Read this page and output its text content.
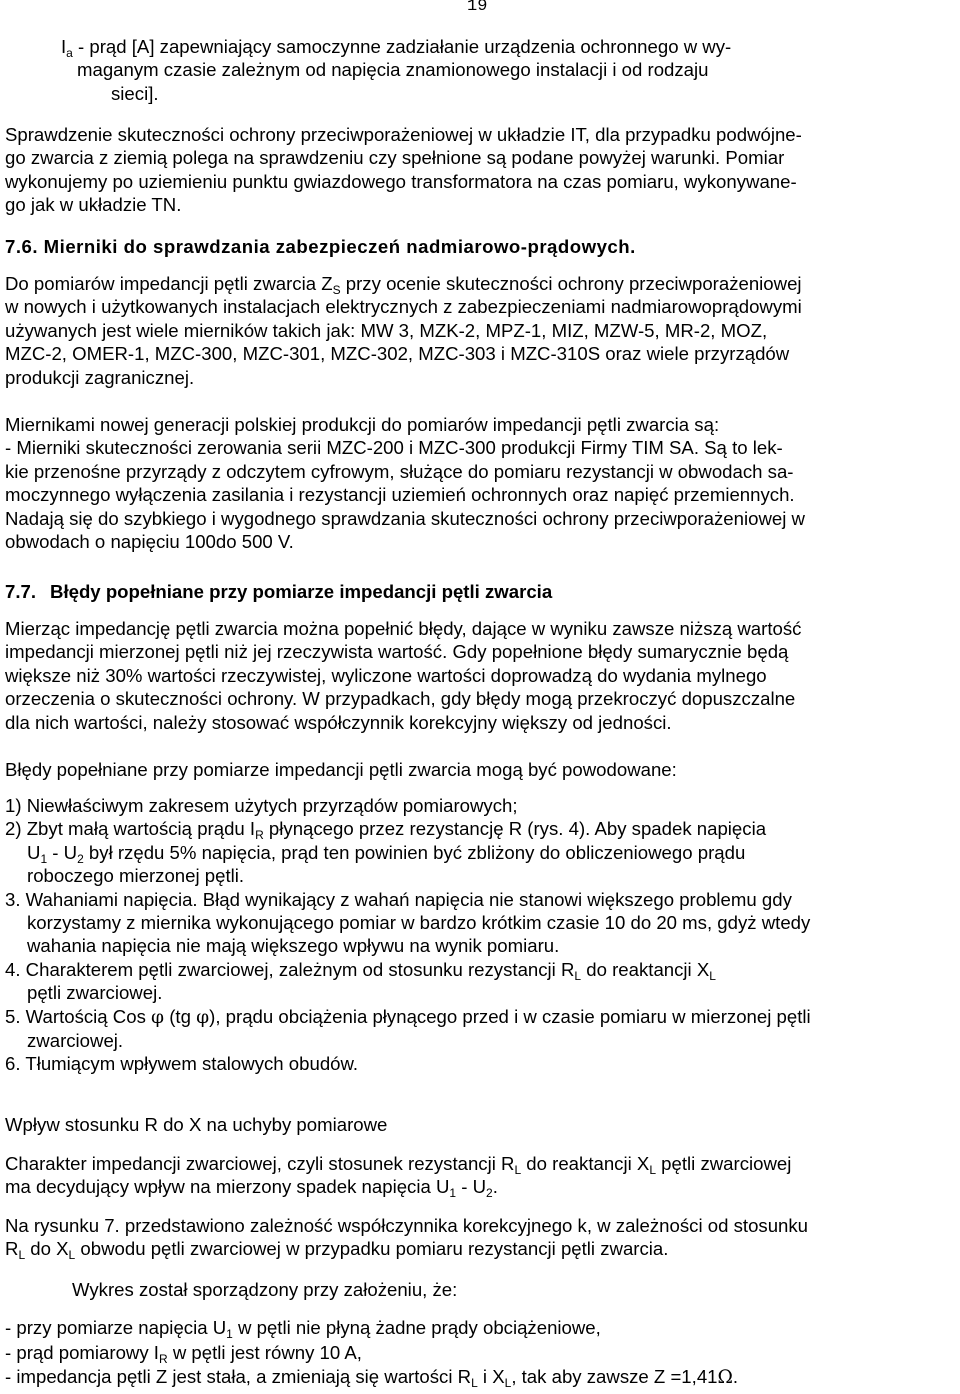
19

$I_a$ - prąd [A] zapewniający samoczynne zadziałanie urządzenia ochronnego w wy-
maganym czasie zależnym od napięcia znamionowego instalacji i od rodzaju
sieci].

Sprawdzenie skuteczności ochrony przeciwporażeniowej w układzie IT, dla przypadku podwójne-
go zwarcia z ziemią polega na sprawdzeniu czy spełnione są podane powyżej warunki. Pomiar
wykonujemy po uziemieniu punktu gwiazdowego transformatora na czas pomiaru, wykonywane-
go jak w układzie TN.

7.6. Mierniki do sprawdzania zabezpieczeń nadmiarowo-prądowych.

Do pomiarów impedancji pętli zwarcia $Z_S$ przy ocenie skuteczności ochrony przeciwporażeniowej
w nowych i użytkowanych instalacjach elektrycznych z zabezpieczeniami nadmiarowoprądowymi
używanych jest wiele mierników takich jak: MW 3, MZK-2, MPZ-1, MIZ, MZW-5, MR-2, MOZ,
MZC-2, OMER-1, MZC-300, MZC-301, MZC-302, MZC-303 i MZC-310S oraz wiele przyrządów
produkcji zagranicznej.

Miernikami nowej generacji polskiej produkcji do pomiarów impedancji pętli zwarcia są:
- Mierniki skuteczności zerowania serii MZC-200 i MZC-300 produkcji Firmy TIM SA. Są to lek-
kie przenośne przyrządy z odczytem cyfrowym, służące do pomiaru rezystancji w obwodach sa-
moczynnego wyłączenia zasilania i rezystancji uziemień ochronnych oraz napięć przemiennych.
Nadają się do szybkiego i wygodnego sprawdzania skuteczności ochrony przeciwporażeniowej w
obwodach o napięciu 100do 500 V.

7.7. Błędy popełniane przy pomiarze impedancji pętli zwarcia

Mierząc impedancję pętli zwarcia można popełnić błędy, dające w wyniku zawsze niższą wartość
impedancji mierzonej pętli niż jej rzeczywista wartość. Gdy popełnione błędy sumarycznie będą
większe niż 30% wartości rzeczywistej, wyliczone wartości doprowadzą do wydania mylnego
orzeczenia o skuteczności ochrony. W przypadkach, gdy błędy mogą przekroczyć dopuszczalne
dla nich wartości, należy stosować współczynnik korekcyjny większy od jedności.

Błędy popełniane przy pomiarze impedancji pętli zwarcia mogą być powodowane:

1) Niewłaściwym zakresem użytych przyrządów pomiarowych;
2) Zbyt małą wartością prądu $I_R$ płynącego przez rezystancję R (rys. 4). Aby spadek napięcia
$U_1 - U_2$ był rzędu 5% napięcia, prąd ten powinien być zbliżony do obliczeniowego prądu
roboczego mierzonej pętli.
3. Wahaniami napięcia. Błąd wynikający z wahań napięcia nie stanowi większego problemu gdy
korzystamy z miernika wykonującego pomiar w bardzo krótkim czasie 10 do 20 ms, gdyż wtedy
wahania napięcia nie mają większego wpływu na wynik pomiaru.
4. Charakterem pętli zwarciowej, zależnym od stosunku rezystancji $R_L$ do reaktancji $X_L$
pętli zwarciowej.
5. Wartością Cos φ (tg φ), prądu obciążenia płynącego przed i w czasie pomiaru w mierzonej pętli
zwarciowej.
6. Tłumiącym wpływem stalowych obudów.

Wpływ stosunku R do X na uchyby pomiarowe

Charakter impedancji zwarciowej, czyli stosunek rezystancji $R_L$ do reaktancji $X_L$ pętli zwarciowej
ma decydujący wpływ na mierzony spadek napięcia $U_1 - U_2$.

Na rysunku 7. przedstawiono zależność współczynnika korekcyjnego k, w zależności od stosunku
$R_L$ do $X_L$ obwodu pętli zwarciowej w przypadku pomiaru rezystancji pętli zwarcia.

Wykres został sporządzony przy założeniu, że:

- przy pomiarze napięcia $U_1$ w pętli nie płyną żadne prądy obciążeniowe,
- prąd pomiarowy $I_R$ w pętli jest równy 10 A,
- impedancja pętli Z jest stała, a zmieniają się wartości $R_L$ i $X_L$, tak aby zawsze Z =1,41Ω.
